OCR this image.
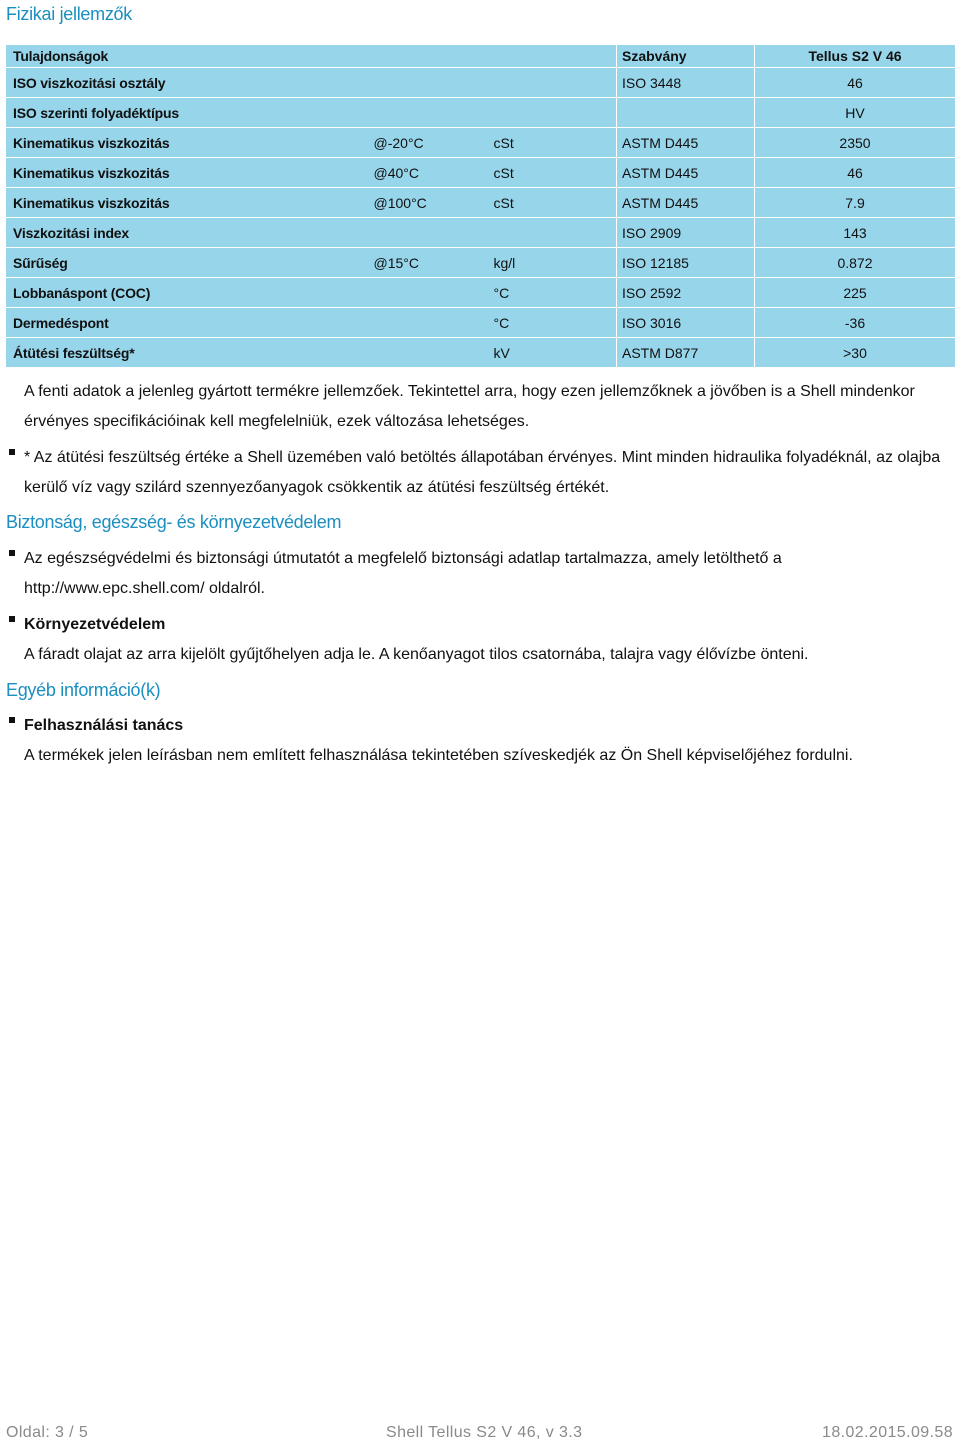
Fizikai jellemzők
Tulajdonságok			Szabvány	Tellus S2 V 46
ISO viszkozitási osztály			ISO 3448	46
ISO szerinti folyadéktípus				HV
Kinematikus viszkozitás	@-20°C	cSt	ASTM D445	2350
Kinematikus viszkozitás	@40°C	cSt	ASTM D445	46
Kinematikus viszkozitás	@100°C	cSt	ASTM D445	7.9
Viszkozitási index			ISO 2909	143
Sűrűség	@15°C	kg/l	ISO 12185	0.872
Lobbanáspont (COC)		°C	ISO 2592	225
Dermedéspont		°C	ISO 3016	-36
Átütési feszültség*		kV	ASTM D877	>30

A fenti adatok a jelenleg gyártott termékre jellemzőek. Tekintettel arra, hogy ezen jellemzőknek a jövőben is a Shell mindenkor érvényes specifikációinak kell megfelelniük, ezek változása lehetséges.

* Az átütési feszültség értéke a Shell üzemében való betöltés állapotában érvényes. Mint minden hidraulika folyadéknál, az olajba kerülő víz vagy szilárd szennyezőanyagok csökkentik az átütési feszültség értékét.

Biztonság, egészség- és környezetvédelem

Az egészségvédelmi és biztonsági útmutatót a megfelelő biztonsági adatlap tartalmazza, amely letölthető a http://www.epc.shell.com/ oldalról.

Környezetvédelem

A fáradt olajat az arra kijelölt gyűjtőhelyen adja le. A kenőanyagot tilos csatornába, talajra vagy élővízbe önteni.

Egyéb információ(k)

Felhasználási tanács

A termékek jelen leírásban nem említett felhasználása tekintetében szíveskedjék az Ön Shell képviselőjéhez fordulni.

Oldal: 3 / 5	Shell Tellus S2 V 46, v 3.3	18.02.2015.09.58
